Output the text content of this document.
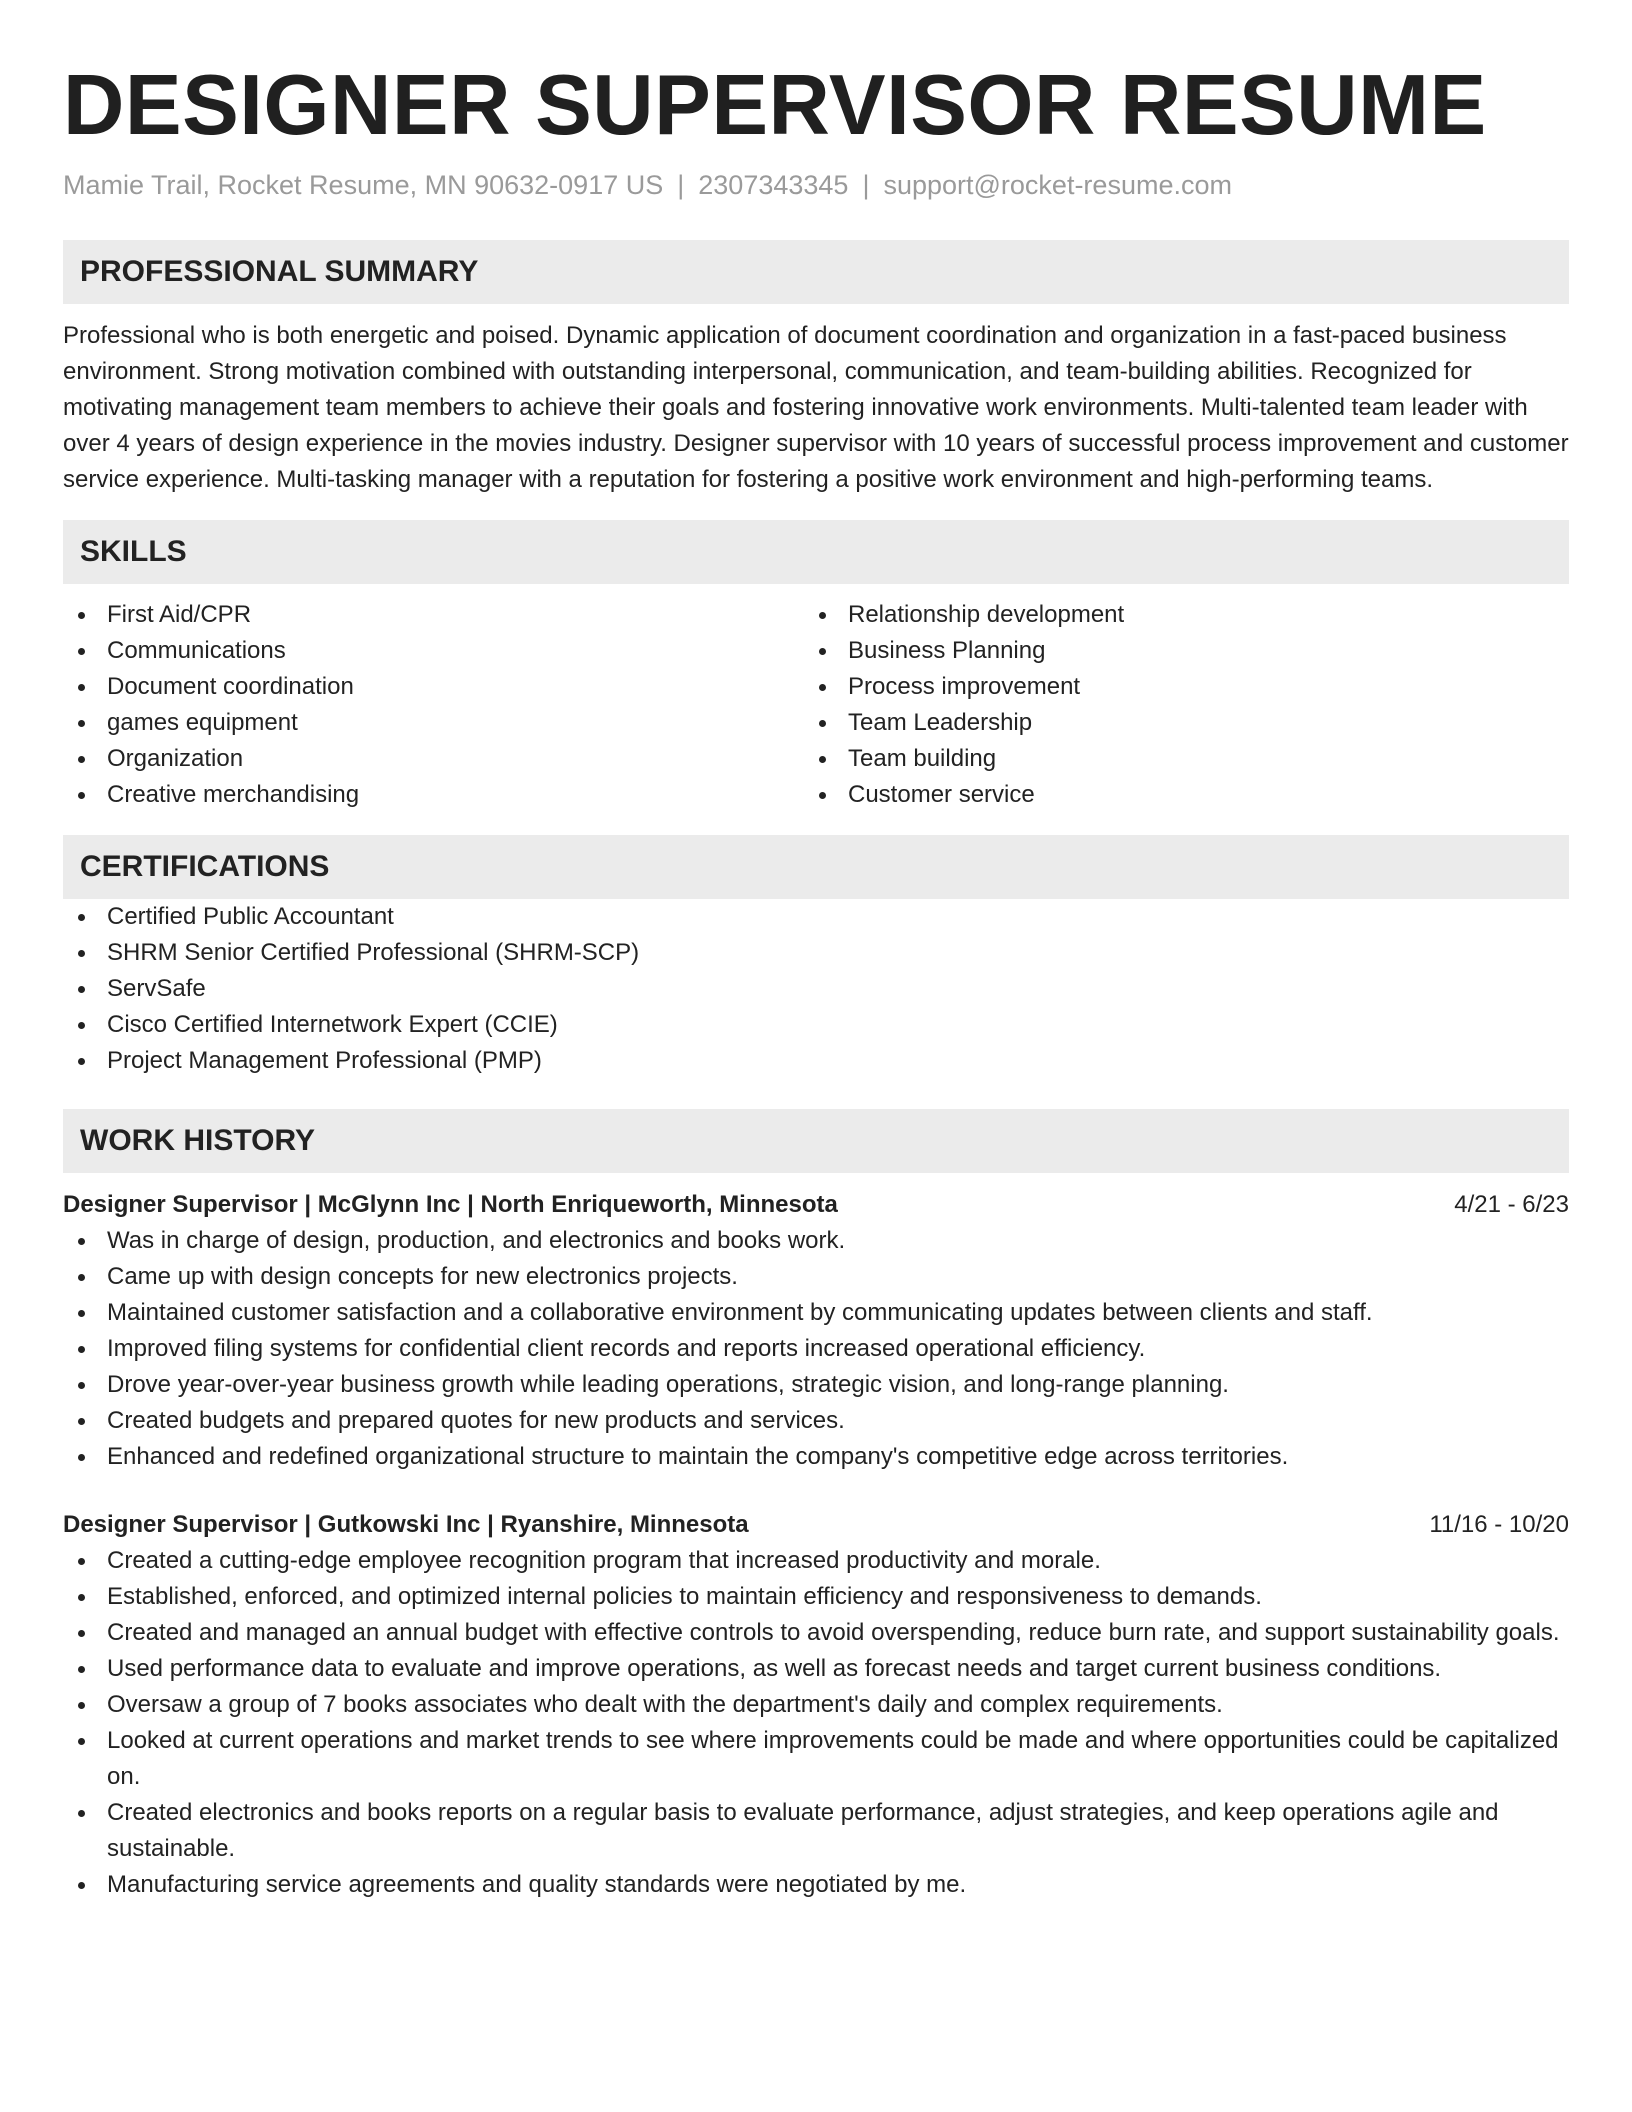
DESIGNER SUPERVISOR RESUME
Mamie Trail, Rocket Resume, MN 90632-0917 US | 2307343345 | support@rocket-resume.com
PROFESSIONAL SUMMARY

Professional who is both energetic and poised. Dynamic application of document coordination and organization in a fast-paced business environment. Strong motivation combined with outstanding interpersonal, communication, and team-building abilities. Recognized for motivating management team members to achieve their goals and fostering innovative work environments. Multi-talented team leader with over 4 years of design experience in the movies industry. Designer supervisor with 10 years of successful process improvement and customer service experience. Multi-tasking manager with a reputation for fostering a positive work environment and high-performing teams.

SKILLS
First Aid/CPR
Communications
Document coordination
games equipment
Organization
Creative merchandising
Relationship development
Business Planning
Process improvement
Team Leadership
Team building
Customer service
CERTIFICATIONS
Certified Public Accountant
SHRM Senior Certified Professional (SHRM-SCP)
ServSafe
Cisco Certified Internetwork Expert (CCIE)
Project Management Professional (PMP)
WORK HISTORY
Designer Supervisor | McGlynn Inc | North Enriqueworth, Minnesota	4/21 - 6/23
Was in charge of design, production, and electronics and books work.
Came up with design concepts for new electronics projects.
Maintained customer satisfaction and a collaborative environment by communicating updates between clients and staff.
Improved filing systems for confidential client records and reports increased operational efficiency.
Drove year-over-year business growth while leading operations, strategic vision, and long-range planning.
Created budgets and prepared quotes for new products and services.
Enhanced and redefined organizational structure to maintain the company's competitive edge across territories.
Designer Supervisor | Gutkowski Inc | Ryanshire, Minnesota	11/16 - 10/20
Created a cutting-edge employee recognition program that increased productivity and morale.
Established, enforced, and optimized internal policies to maintain efficiency and responsiveness to demands.
Created and managed an annual budget with effective controls to avoid overspending, reduce burn rate, and support sustainability goals.
Used performance data to evaluate and improve operations, as well as forecast needs and target current business conditions.
Oversaw a group of 7 books associates who dealt with the department's daily and complex requirements.
Looked at current operations and market trends to see where improvements could be made and where opportunities could be capitalized on.
Created electronics and books reports on a regular basis to evaluate performance, adjust strategies, and keep operations agile and sustainable.
Manufacturing service agreements and quality standards were negotiated by me.
